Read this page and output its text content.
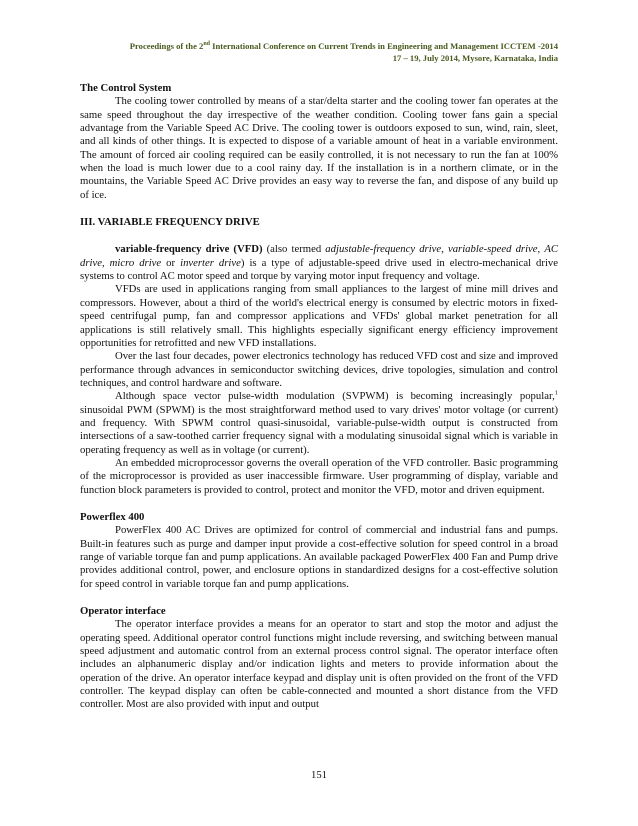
Proceedings of the 2nd International Conference on Current Trends in Engineering and Management ICCTEM -2014
17 – 19, July 2014, Mysore, Karnataka, India
The Control System

The cooling tower controlled by means of a star/delta starter and the cooling tower fan operates at the same speed throughout the day irrespective of the weather condition. Cooling tower fans gain a special advantage from the Variable Speed AC Drive. The cooling tower is outdoors exposed to sun, wind, rain, sleet, and all kinds of other things. It is expected to dispose of a variable amount of heat in a variable environment. The amount of forced air cooling required can be easily controlled, it is not necessary to run the fan at 100% when the load is much lower due to a cool rainy day. If the installation is in a northern climate, or in the mountains, the Variable Speed AC Drive provides an easy way to reverse the fan, and dispose of any build up of ice.

III. VARIABLE FREQUENCY DRIVE

variable-frequency drive (VFD) (also termed adjustable-frequency drive, variable-speed drive, AC drive, micro drive or inverter drive) is a type of adjustable-speed drive used in electro-mechanical drive systems to control AC motor speed and torque by varying motor input frequency and voltage.

VFDs are used in applications ranging from small appliances to the largest of mine mill drives and compressors. However, about a third of the world's electrical energy is consumed by electric motors in fixed-speed centrifugal pump, fan and compressor applications and VFDs' global market penetration for all applications is still relatively small. This highlights especially significant energy efficiency improvement opportunities for retrofitted and new VFD installations.

Over the last four decades, power electronics technology has reduced VFD cost and size and improved performance through advances in semiconductor switching devices, drive topologies, simulation and control techniques, and control hardware and software.

Although space vector pulse-width modulation (SVPWM) is becoming increasingly popular,$^1$ sinusoidal PWM (SPWM) is the most straightforward method used to vary drives' motor voltage (or current) and frequency. With SPWM control quasi-sinusoidal, variable-pulse-width output is constructed from intersections of a saw-toothed carrier frequency signal with a modulating sinusoidal signal which is variable in operating frequency as well as in voltage (or current).

An embedded microprocessor governs the overall operation of the VFD controller. Basic programming of the microprocessor is provided as user inaccessible firmware. User programming of display, variable and function block parameters is provided to control, protect and monitor the VFD, motor and driven equipment.

Powerflex 400

PowerFlex 400 AC Drives are optimized for control of commercial and industrial fans and pumps. Built-in features such as purge and damper input provide a cost-effective solution for speed control in a broad range of variable torque fan and pump applications. An available packaged PowerFlex 400 Fan and Pump drive provides additional control, power, and enclosure options in standardized designs for a cost-effective solution for speed control in variable torque fan and pump applications.

Operator interface

The operator interface provides a means for an operator to start and stop the motor and adjust the operating speed. Additional operator control functions might include reversing, and switching between manual speed adjustment and automatic control from an external process control signal. The operator interface often includes an alphanumeric display and/or indication lights and meters to provide information about the operation of the drive. An operator interface keypad and display unit is often provided on the front of the VFD controller. The keypad display can often be cable-connected and mounted a short distance from the VFD controller. Most are also provided with input and output

151
